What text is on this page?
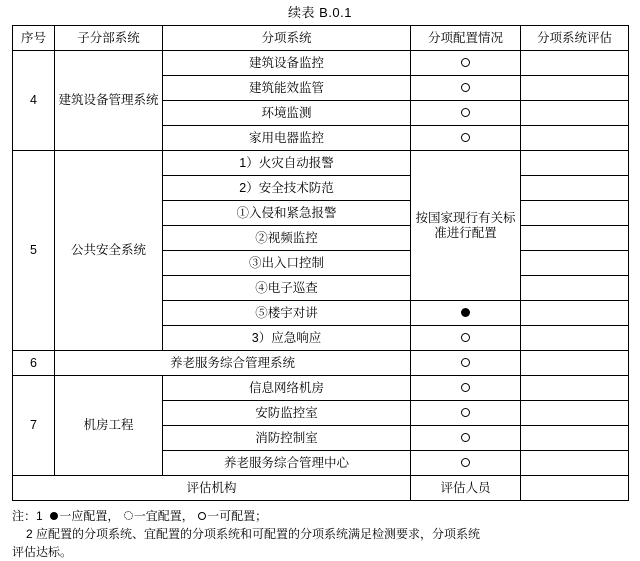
续表 B.0.1
序号	子分部系统	分项系统	分项配置情况	分项系统评估

4	建筑设备管理系统	建筑设备监控		
		建筑能效监管		
		环境监测		
		家用电器监控		
5	公共安全系统	1）火灾自动报警	按国家现行有关标准进行配置	
		2）安全技术防范		
		①入侵和紧急报警		
		②视频监控		
		③出入口控制		
		④电子巡查		
		⑤楼宇对讲		
		3）应急响应		
6	养老服务综合管理系统			
7	机房工程	信息网络机房		
		安防监控室		
		消防控制室		
		养老服务综合管理中心		
评估机构			评估人员	
注：1 一应配置， 一宜配置， 一可配置；
2 应配置的分项系统、宜配置的分项系统和可配置的分项系统满足检测要求，分项系统
评估达标。
